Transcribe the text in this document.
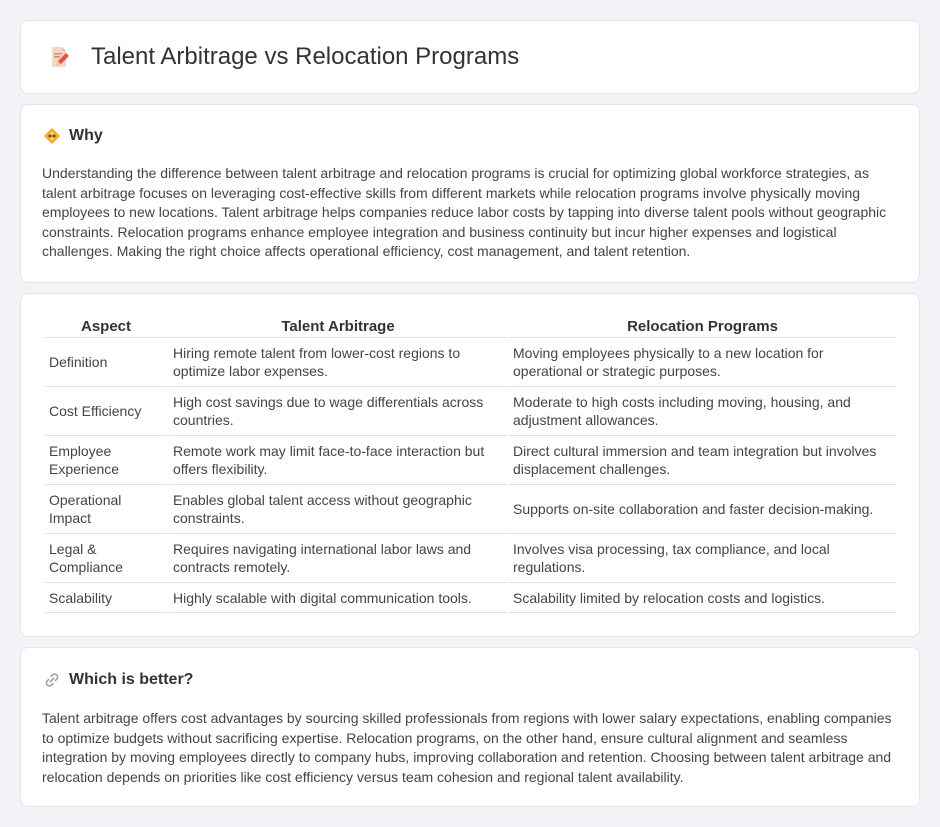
Talent Arbitrage vs Relocation Programs
Why

Understanding the difference between talent arbitrage and relocation programs is crucial for optimizing global workforce strategies, as talent arbitrage focuses on leveraging cost-effective skills from different markets while relocation programs involve physically moving employees to new locations. Talent arbitrage helps companies reduce labor costs by tapping into diverse talent pools without geographic constraints. Relocation programs enhance employee integration and business continuity but incur higher expenses and logistical challenges. Making the right choice affects operational efficiency, cost management, and talent retention.

Aspect	Talent Arbitrage	Relocation Programs
Definition	Hiring remote talent from lower-cost regions to optimize labor expenses.	Moving employees physically to a new location for operational or strategic purposes.
Cost Efficiency	High cost savings due to wage differentials across countries.	Moderate to high costs including moving, housing, and adjustment allowances.
Employee Experience	Remote work may limit face-to-face interaction but offers flexibility.	Direct cultural immersion and team integration but involves displacement challenges.
Operational Impact	Enables global talent access without geographic constraints.	Supports on-site collaboration and faster decision-making.
Legal & Compliance	Requires navigating international labor laws and contracts remotely.	Involves visa processing, tax compliance, and local regulations.
Scalability	Highly scalable with digital communication tools.	Scalability limited by relocation costs and logistics.
Which is better?

Talent arbitrage offers cost advantages by sourcing skilled professionals from regions with lower salary expectations, enabling companies to optimize budgets without sacrificing expertise. Relocation programs, on the other hand, ensure cultural alignment and seamless integration by moving employees directly to company hubs, improving collaboration and retention. Choosing between talent arbitrage and relocation depends on priorities like cost efficiency versus team cohesion and regional talent availability.
